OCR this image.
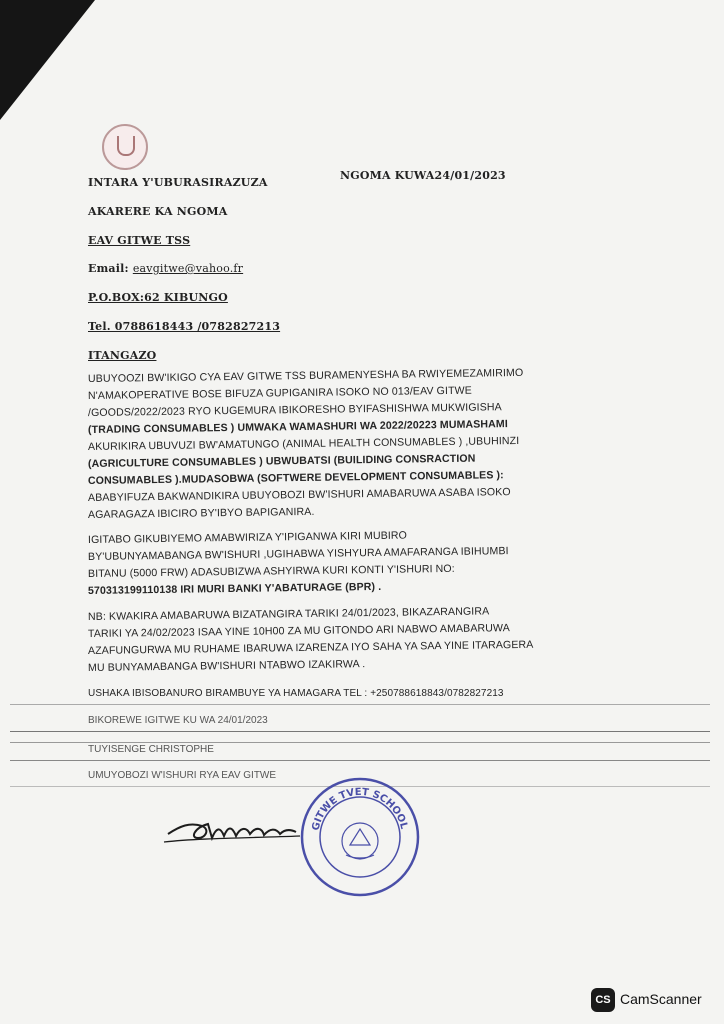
INTARA Y'UBURASIRAZUZA
NGOMA KUWA24/01/2023
AKARERE KA NGOMA
EAV GITWE TSS
Email: eavgitwe@vahoo.fr
P.O.BOX:62 KIBUNGO
Tel. 0788618443 /0782827213
ITANGAZO
UBUYOOZI BW'IKIGO CYA EAV GITWE TSS BURAMENYESHA BA RWIYEMEZAMIRIMO
N'AMAKOPERATIVE BOSE BIFUZA GUPIGANIRA ISOKO NO 013/EAV GITWE
/GOODS/2022/2023 RYO KUGEMURA IBIKORESHO BYIFASHISHWA MUKWIGISHA
(TRADING CONSUMABLES ) UMWAKA WAMASHURI WA 2022/20223 MUMASHAMI
AKURIKIRA UBUVUZI BW'AMATUNGO (ANIMAL HEALTH CONSUMABLES ) ,UBUHINZI
(AGRICULTURE CONSUMABLES ) UBWUBATSI (BUILIDING CONSRACTION
CONSUMABLES ).MUDASOBWA (SOFTWERE DEVELOPMENT CONSUMABLES ):
ABABYIFUZA BAKWANDIKIRA UBUYOBOZI BW'ISHURI AMABARUWA ASABA ISOKO
AGARAGAZA IBICIRO BY'IBYO BAPIGANIRA.
IGITABO GIKUBIYEMO AMABWIRIZA Y'IPIGANWA KIRI MUBIRO
BY'UBUNYAMABANGA BW'ISHURI ,UGIHABWA YISHYURA AMAFARANGA IBIHUMBI
BITANU (5000 FRW) ADASUBIZWA ASHYIRWA KURI KONTI Y'ISHURI NO:
570313199110138 IRI MURI BANKI Y'ABATURAGE (BPR) .
NB: KWAKIRA AMABARUWA BIZATANGIRA TARIKI 24/01/2023, BIKAZARANGIRA
TARIKI YA 24/02/2023 ISAA YINE 10H00 ZA MU GITONDO ARI NABWO AMABARUWA
AZAFUNGURWA MU RUHAME IBARUWA IZARENZA IYO SAHA YA SAA YINE ITARAGERA
MU BUNYAMABANGA BW'ISHURI NTABWO IZAKIRWA .
USHAKA IBISOBANURO BIRAMBUYE YA HAMAGARA TEL : +250788618843/0782827213
BIKOREWE IGITWE KU WA 24/01/2023
TUYISENGE CHRISTOPHE
UMUYOBOZI W'ISHURI RYA EAV GITWE
GITWE TVET SCHOOL
CS CamScanner
